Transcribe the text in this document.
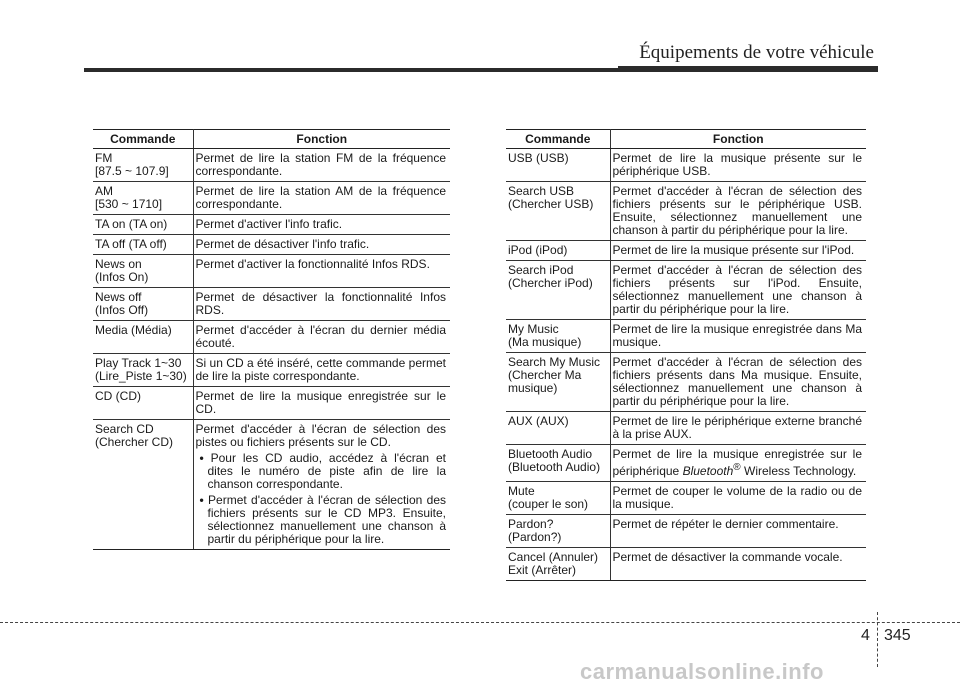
Équipements de votre véhicule
Commande	Fonction
FM
[87.5 ~ 107.9]	Permet de lire la station FM de la fréquence correspondante.
AM
[530 ~ 1710]	Permet de lire la station AM de la fréquence correspondante.
TA on (TA on)	Permet d'activer l'info trafic.
TA off (TA off)	Permet de désactiver l'info trafic.
News on
(Infos On)	Permet d'activer la fonctionnalité Infos RDS.
News off
(Infos Off)	Permet de désactiver la fonctionnalité Infos RDS.
Media (Média)	Permet d'accéder à l'écran du dernier média écouté.
Play Track 1~30
(Lire_Piste 1~30)	Si un CD a été inséré, cette commande permet de lire la piste correspondante.
CD (CD)	Permet de lire la musique enregistrée sur le CD.
Search CD
(Chercher CD)	Permet d'accéder à l'écran de sélection des pistes ou fichiers présents sur le CD.
• Pour les CD audio, accédez à l'écran et dites le numéro de piste afin de lire la chanson correspondante.
• Permet d'accéder à l'écran de sélection des fichiers présents sur le CD MP3. Ensuite, sélectionnez manuellement une chanson à partir du périphérique pour la lire.
Commande	Fonction
USB (USB)	Permet de lire la musique présente sur le périphérique USB.
Search USB
(Chercher USB)	Permet d'accéder à l'écran de sélection des fichiers présents sur le périphérique USB. Ensuite, sélectionnez manuellement une chanson à partir du périphérique pour la lire.
iPod (iPod)	Permet de lire la musique présente sur l'iPod.
Search iPod
(Chercher iPod)	Permet d'accéder à l'écran de sélection des fichiers présents sur l'iPod. Ensuite, sélectionnez manuellement une chanson à partir du périphérique pour la lire.
My Music
(Ma musique)	Permet de lire la musique enregistrée dans Ma musique.
Search My Music
(Chercher Ma
musique)	Permet d'accéder à l'écran de sélection des fichiers présents dans Ma musique. Ensuite, sélectionnez manuellement une chanson à partir du périphérique pour la lire.
AUX (AUX)	Permet de lire le périphérique externe branché à la prise AUX.
Bluetooth Audio
(Bluetooth Audio)	Permet de lire la musique enregistrée sur le périphérique Bluetooth® Wireless Technology.
Mute
(couper le son)	Permet de couper le volume de la radio ou de la musique.
Pardon? (Pardon?)	Permet de répéter le dernier commentaire.
Cancel (Annuler)
Exit (Arrêter)	Permet de désactiver la commande vocale.
4 345
carmanualsonline.info
